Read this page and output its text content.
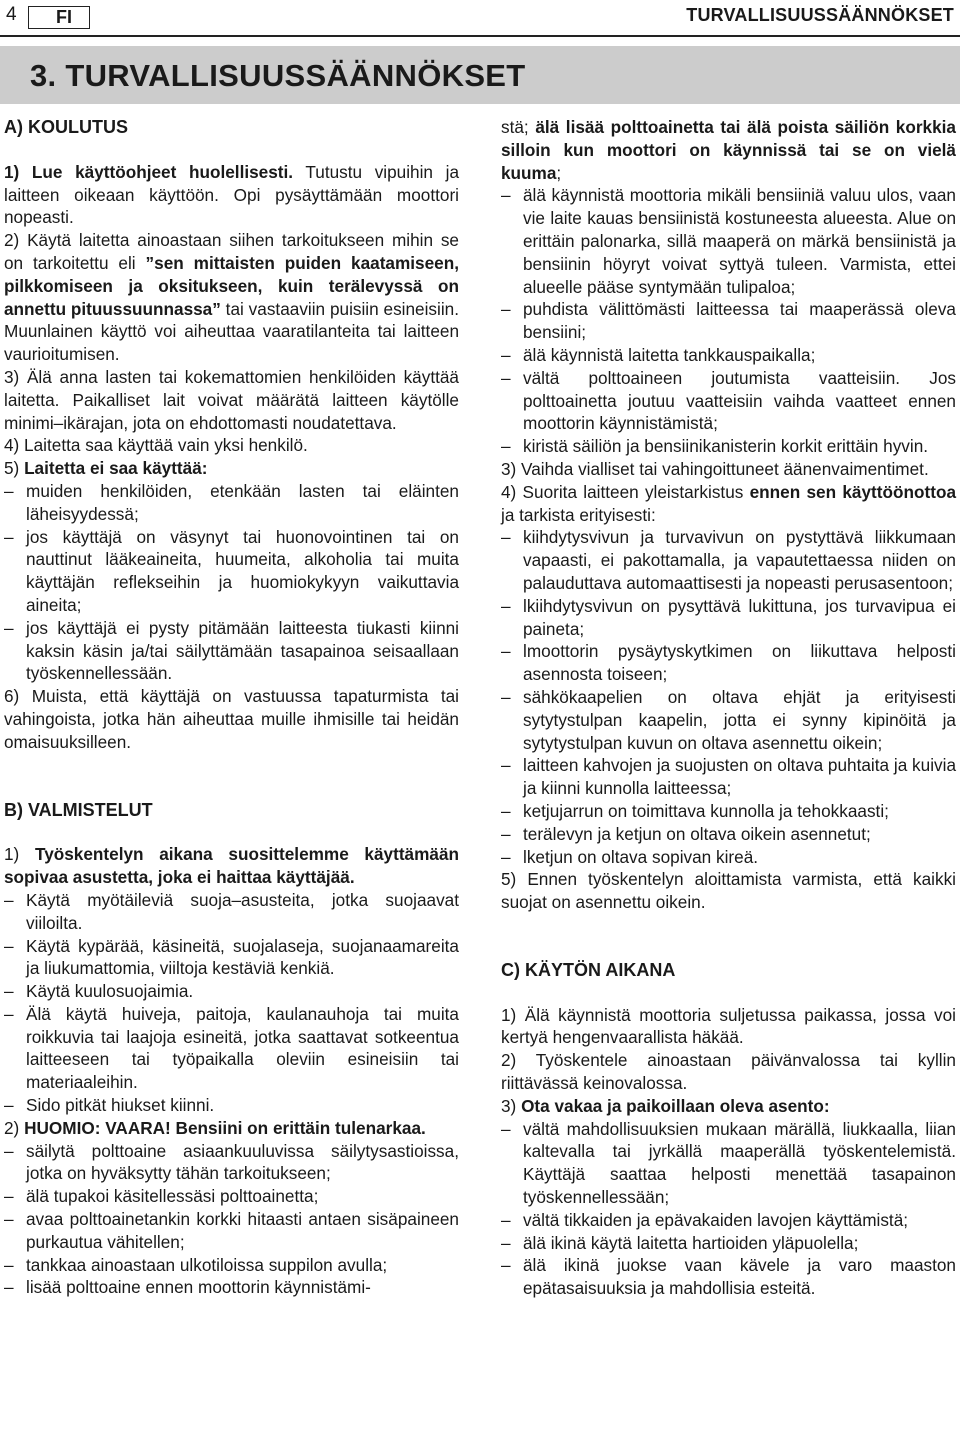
4	FI	TURVALLISUUSSÄÄNNÖKSET
3. TURVALLISUUSSÄÄNNÖKSET
A) KOULUTUS

1) Lue käyttöohjeet huolellisesti. Tutustu vipuihin ja laitteen oikeaan käyttöön. Opi pysäyttämään moottori nopeasti.

2) Käytä laitetta ainoastaan siihen tarkoitukseen mihin se on tarkoitettu eli ”sen mittaisten puiden kaatamiseen, pilkkomiseen ja oksitukseen, kuin terälevyssä on annettu pituussuunnassa” tai vastaaviin puisiin esineisiin. Muunlainen käyttö voi aiheuttaa vaaratilanteita tai laitteen vaurioitumisen.

3) Älä anna lasten tai kokemattomien henkilöiden käyttää laitetta. Paikalliset lait voivat määrätä laitteen käytölle minimi–ikärajan, jota on ehdottomasti noudatettava.

4) Laitetta saa käyttää vain yksi henkilö.

5) Laitetta ei saa käyttää:

– muiden henkilöiden, etenkään lasten tai eläinten läheisyydessä;

– jos käyttäjä on väsynyt tai huonovointinen tai on nauttinut lääkeaineita, huumeita, alkoholia tai muita käyttäjän reflekseihin ja huomiokykyyn vaikuttavia aineita;

– jos käyttäjä ei pysty pitämään laitteesta tiukasti kiinni kaksin käsin ja/tai säilyttämään tasapainoa seisaallaan työskennellessään.

6) Muista, että käyttäjä on vastuussa tapaturmista tai vahingoista, jotka hän aiheuttaa muille ihmisille tai heidän omaisuuksilleen.

B) VALMISTELUT

1) Työskentelyn aikana suosittelemme käyttämään sopivaa asustetta, joka ei haittaa käyttäjää.

– Käytä myötäileviä suoja–asusteita, jotka suojaavat viiloilta.

– Käytä kypärää, käsineitä, suojalaseja, suojanaamareita ja liukumattomia, viiltoja kestäviä kenkiä.

– Käytä kuulosuojaimia.

– Älä käytä huiveja, paitoja, kaulanauhoja tai muita roikkuvia tai laajoja esineitä, jotka saattavat sotkeentua laitteeseen tai työpaikalla oleviin esineisiin tai materiaaleihin.

– Sido pitkät hiukset kiinni.

2) HUOMIO: VAARA! Bensiini on erittäin tulenarkaa.

– säilytä polttoaine asiaankuuluvissa säilytysastioissa, jotka on hyväksytty tähän tarkoitukseen;

– älä tupakoi käsitellessäsi polttoainetta;

– avaa polttoainetankin korkki hitaasti antaen sisäpaineen purkautua vähitellen;

– tankkaa ainoastaan ulkotiloissa suppilon avulla;

– lisää polttoaine ennen moottorin käynnistämi-

stä; älä lisää polttoainetta tai älä poista säiliön korkkia silloin kun moottori on käynnissä tai se on vielä kuuma;

– älä käynnistä moottoria mikäli bensiiniä valuu ulos, vaan vie laite kauas bensiinistä kostuneesta alueesta. Alue on erittäin palonarka, sillä maaperä on märkä bensiinistä ja bensiinin höyryt voivat syttyä tuleen. Varmista, ettei alueelle pääse syntymään tulipaloa;

– puhdista välittömästi laitteessa tai maaperässä oleva bensiini;

– älä käynnistä laitetta tankkauspaikalla;

– vältä polttoaineen joutumista vaatteisiin. Jos polttoainetta joutuu vaatteisiin vaihda vaatteet ennen moottorin käynnistämistä;

– kiristä säiliön ja bensiinikanisterin korkit erittäin hyvin.

3) Vaihda vialliset tai vahingoittuneet äänenvaimentimet.

4) Suorita laitteen yleistarkistus ennen sen käyttöönottoa ja tarkista erityisesti:

– kiihdytysvivun ja turvavivun on pystyttävä liikkumaan vapaasti, ei pakottamalla, ja vapautettaessa niiden on palauduttava automaattisesti ja nopeasti perusasentoon;

– lkiihdytysvivun on pysyttävä lukittuna, jos turvavipua ei paineta;

– lmoottorin pysäytyskytkimen on liikuttava helposti asennosta toiseen;

– sähkökaapelien on oltava ehjät ja erityisesti sytytystulpan kaapelin, jotta ei synny kipinöitä ja sytytystulpan kuvun on oltava asennettu oikein;

– laitteen kahvojen ja suojusten on oltava puhtaita ja kuivia ja kiinni kunnolla laitteessa;

– ketjujarrun on toimittava kunnolla ja tehokkaasti;

– terälevyn ja ketjun on oltava oikein asennetut;

– lketjun on oltava sopivan kireä.

5) Ennen työskentelyn aloittamista varmista, että kaikki suojat on asennettu oikein.

C) KÄYTÖN AIKANA

1) Älä käynnistä moottoria suljetussa paikassa, jossa voi kertyä hengenvaarallista häkää.

2) Työskentele ainoastaan päivänvalossa tai kyllin riittävässä keinovalossa.

3) Ota vakaa ja paikoillaan oleva asento:

– vältä mahdollisuuksien mukaan märällä, liukkaalla, liian kaltevalla tai jyrkällä maaperällä työskentelemistä. Käyttäjä saattaa helposti menettää tasapainon työskennellessään;

– vältä tikkaiden ja epävakaiden lavojen käyttämistä;

– älä ikinä käytä laitetta hartioiden yläpuolella;

– älä ikinä juokse vaan kävele ja varo maaston epätasaisuuksia ja mahdollisia esteitä.
